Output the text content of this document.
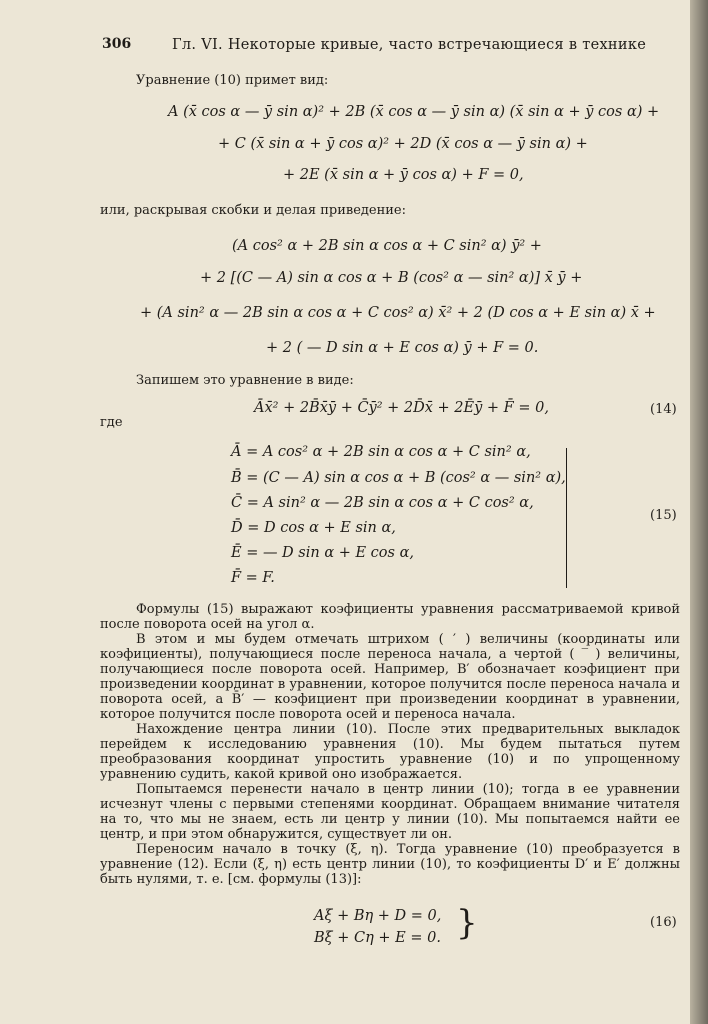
306	Гл. VI. Некоторые кривые, часто встречающиеся в технике
Уравнение (10) примет вид:
A (x̄ cos α — ȳ sin α)² + 2B (x̄ cos α — ȳ sin α) (x̄ sin α + ȳ cos α) +
+ C (x̄ sin α + ȳ cos α)² + 2D (x̄ cos α — ȳ sin α) +
+ 2E (x̄ sin α + ȳ cos α) + F = 0,
или, раскрывая скобки и делая приведение:
(A cos² α + 2B sin α cos α + C sin² α) ȳ² +
+ 2 [(C — A) sin α cos α + B (cos² α — sin² α)] x̄ ȳ +
+ (A sin² α — 2B sin α cos α + C cos² α) x̄² + 2 (D cos α + E sin α) x̄ +
+ 2 ( — D sin α + E cos α) ȳ + F = 0.
Запишем это уравнение в виде:
Āx̄² + 2B̄x̄ȳ + C̄ȳ² + 2D̄x̄ + 2Ēȳ + F̄ = 0,	(14)
где
Ā = A cos² α + 2B sin α cos α + C sin² α,
B̄ = (C — A) sin α cos α + B (cos² α — sin² α),
C̄ = A sin² α — 2B sin α cos α + C cos² α,
D̄ = D cos α + E sin α,
Ē = — D sin α + E cos α,
F̄ = F.
(15)
Формулы (15) выражают коэфициенты уравнения рассматриваемой кривой после поворота осей на угол α.
В этом и мы будем отмечать штрихом ( ′ ) величины (координаты или коэфициенты), получающиеся после переноса начала, а чертой ( ‾ ) величины, получающиеся после поворота осей. Например, B′ обозначает коэфициент при произведении координат в уравнении, которое получится после переноса начала и поворота осей, а B̄′ — коэфициент при произведении координат в уравнении, которое получится после поворота осей и переноса начала.
Нахождение центра линии (10). После этих предварительных выкладок перейдем к исследованию уравнения (10). Мы будем пытаться путем преобразования координат упростить уравнение (10) и по упрощенному уравнению судить, какой кривой оно изображается.
Попытаемся перенести начало в центр линии (10); тогда в ее уравнении исчезнут члены с первыми степенями координат. Обращаем внимание читателя на то, что мы не знаем, есть ли центр у линии (10). Мы попытаемся найти ее центр, и при этом обнаружится, существует ли он.
Переносим начало в точку (ξ, η). Тогда уравнение (10) преобразуется в уравнение (12). Если (ξ, η) есть центр линии (10), то коэфициенты D′ и E′ должны быть нулями, т. е. [см. формулы (13)]:
Aξ + Bη + D = 0,
Bξ + Cη + E = 0. }	(16)
